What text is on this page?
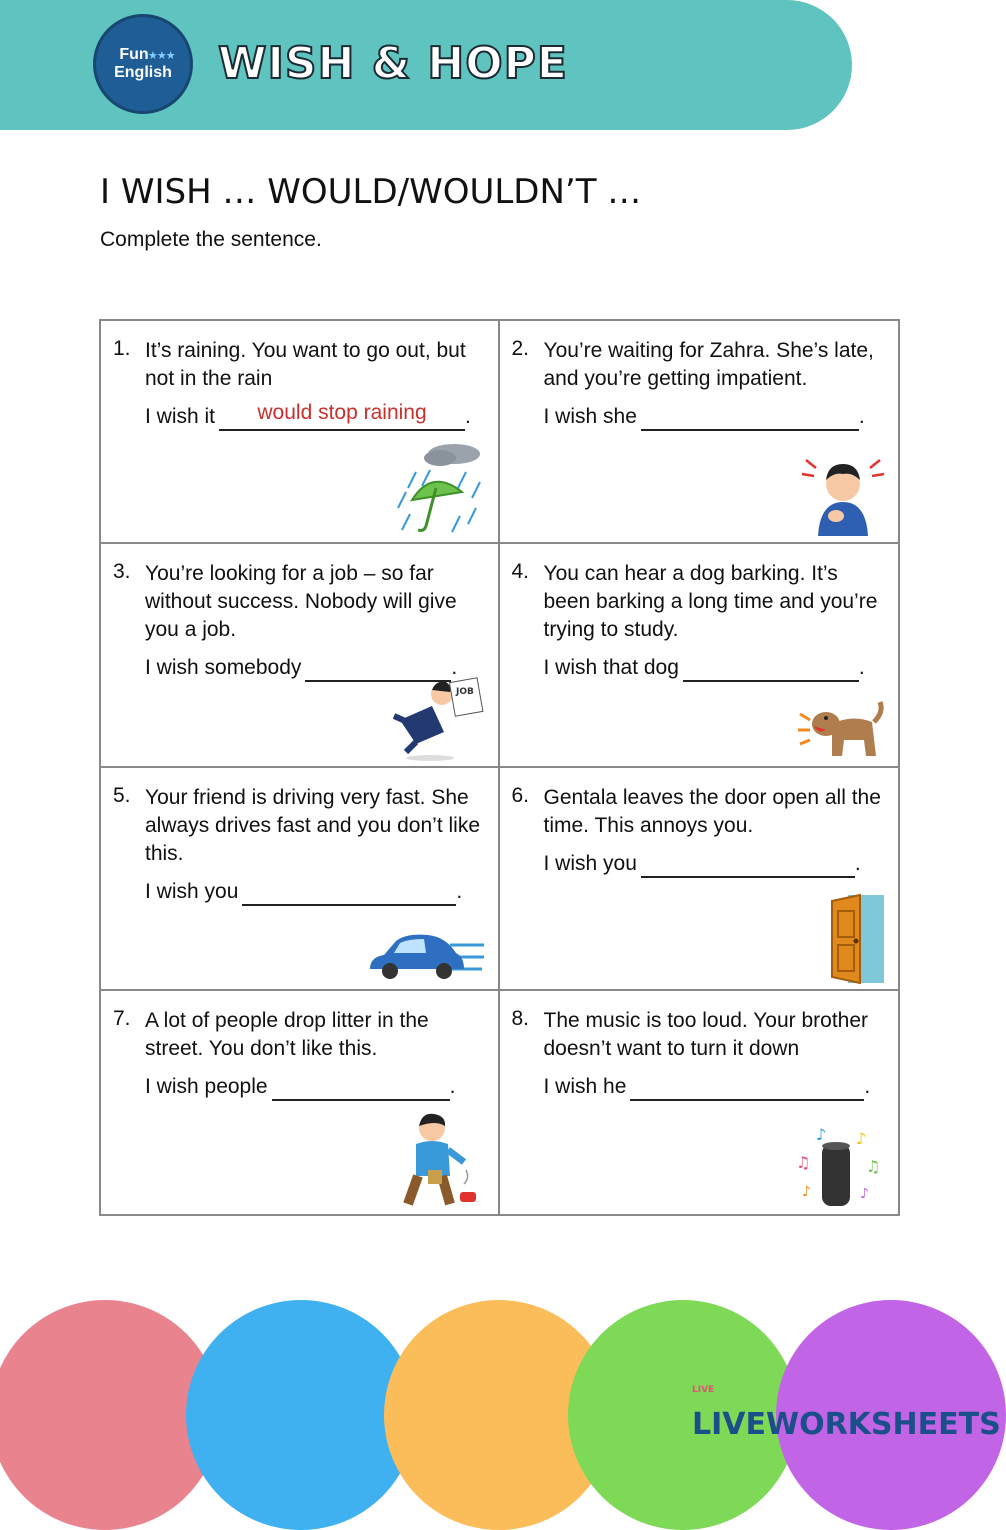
★★★
Fun
English WISH & HOPE
I WISH … WOULD/WOULDN’T …
Complete the sentence.
1. It’s raining. You want to go out, but not in the rain
I wish it	would stop raining	.
2. You’re waiting for Zahra. She’s late, and you’re getting impatient.
I wish she	.
3. You’re looking for a job – so far without success. Nobody will give you a job.
I wish somebody	.
JOB
4. You can hear a dog barking. It’s been barking a long time and you’re trying to study.
I wish that dog	.
5. Your friend is driving very fast. She always drives fast and you don’t like this.
I wish you	.
6. Gentala leaves the door open all the time. This annoys you.
I wish you	.
7. A lot of people drop litter in the street. You don’t like this.
I wish people	.
8. The music is too loud. Your brother doesn’t want to turn it down
I wish he	.
♪ ♪
♫	♫
♪	♪
LIVELIVEWORKSHEETS
